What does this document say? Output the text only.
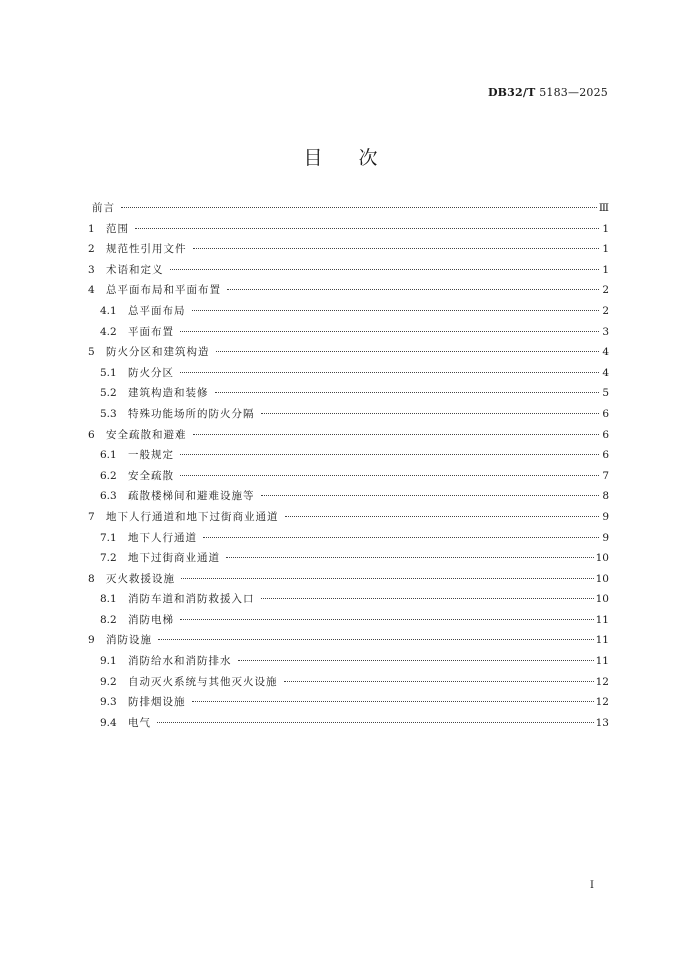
DB32/T 5183—2025
目次
前言	Ⅲ
1	范围	1
2	规范性引用文件	1
3	术语和定义	1
4	总平面布局和平面布置	2
4.1	总平面布局	2
4.2	平面布置	3
5	防火分区和建筑构造	4
5.1	防火分区	4
5.2	建筑构造和装修	5
5.3	特殊功能场所的防火分隔	6
6	安全疏散和避难	6
6.1	一般规定	6
6.2	安全疏散	7
6.3	疏散楼梯间和避难设施等	8
7	地下人行通道和地下过街商业通道	9
7.1	地下人行通道	9
7.2	地下过街商业通道	10
8	灭火救援设施	10
8.1	消防车道和消防救援入口	10
8.2	消防电梯	11
9	消防设施	11
9.1	消防给水和消防排水	11
9.2	自动灭火系统与其他灭火设施	12
9.3	防排烟设施	12
9.4	电气	13
I
